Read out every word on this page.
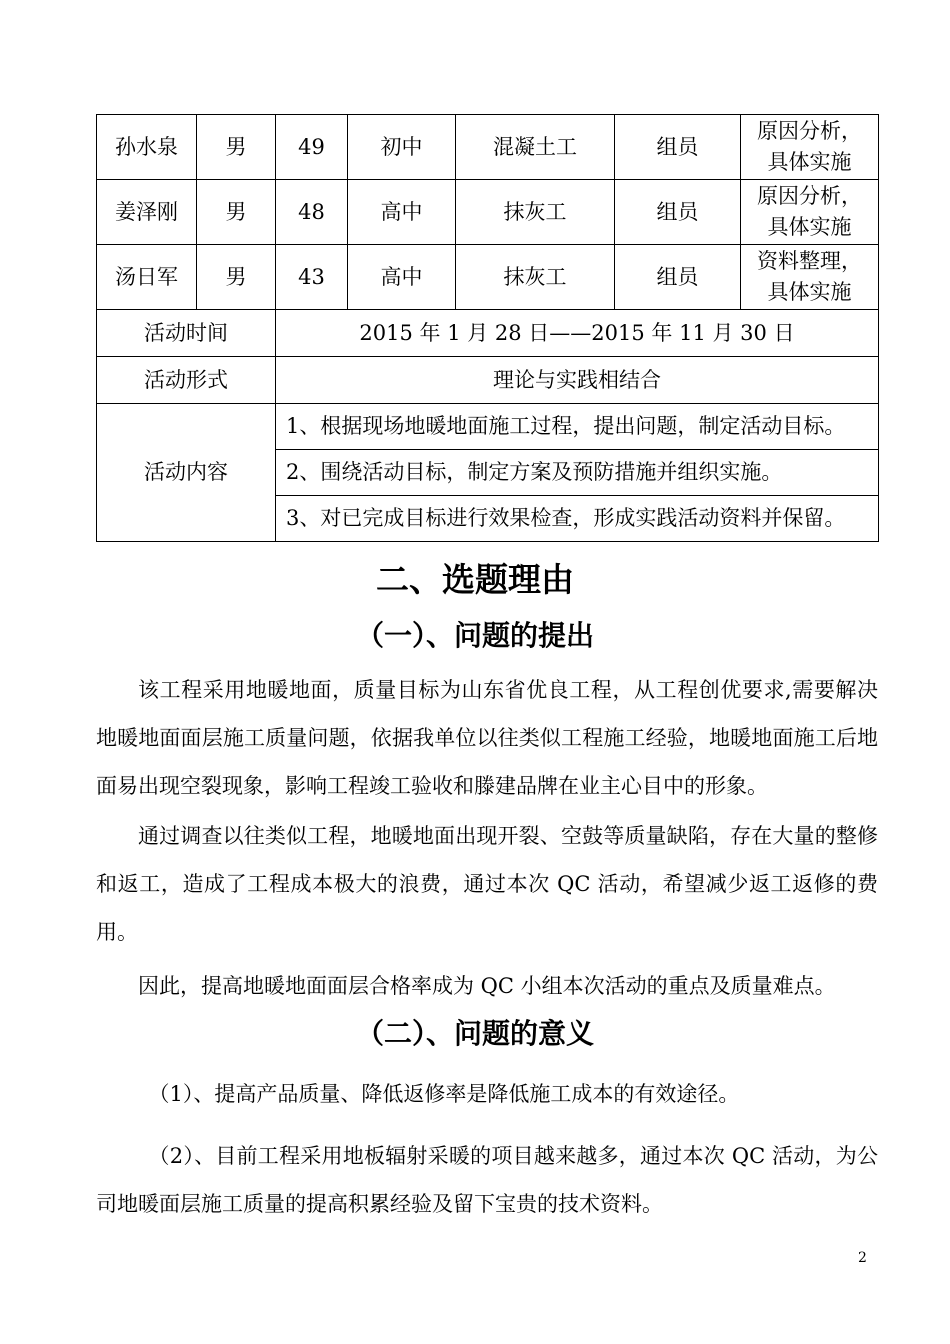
孙水泉	男	49	初中	混凝土工	组员	原因分析，
具体实施
姜泽刚	男	48	高中	抹灰工	组员	原因分析，
具体实施
汤日军	男	43	高中	抹灰工	组员	资料整理，
具体实施
活动时间		2015 年 1 月 28 日——2015 年 11 月 30 日				
活动形式		理论与实践相结合				
活动内容		1、根据现场地暖地面施工过程，提出问题，制定活动目标。				
		2、围绕活动目标，制定方案及预防措施并组织实施。				
		3、对已完成目标进行效果检查，形成实践活动资料并保留。				
二、选题理由
（一）、问题的提出

该工程采用地暖地面，质量目标为山东省优良工程，从工程创优要求,需要解决地暖地面面层施工质量问题，依据我单位以往类似工程施工经验，地暖地面施工后地面易出现空裂现象，影响工程竣工验收和滕建品牌在业主心目中的形象。

通过调查以往类似工程，地暖地面出现开裂、空鼓等质量缺陷，存在大量的整修和返工，造成了工程成本极大的浪费，通过本次 QC 活动，希望减少返工返修的费用。

因此，提高地暖地面面层合格率成为 QC 小组本次活动的重点及质量难点。

（二）、问题的意义

（1）、提高产品质量、降低返修率是降低施工成本的有效途径。

（2）、目前工程采用地板辐射采暖的项目越来越多，通过本次 QC 活动，为公司地暖面层施工质量的提高积累经验及留下宝贵的技术资料。

2
